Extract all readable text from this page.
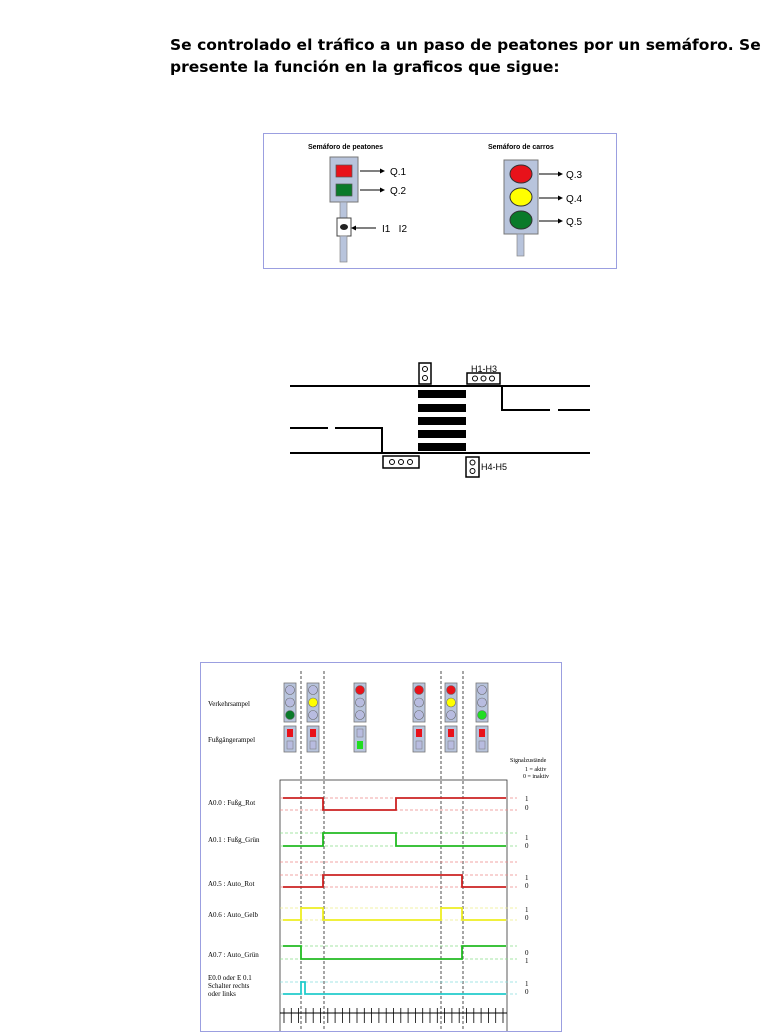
Se controlado el tráfico a un paso de peatones por un semáforo. Se
presente la función en la graficos que sigue:
Semáforo de peatones	Semáforo de carros
Q.1
Q.2
I1   I2
Q.3
Q.4
Q.5
H1-H3
H4-H5
Verkehrsampel
Fußgängerampel
Signalzustände
1 = aktiv
0 = inaktiv
A0.0 : Fußg_Rot	1
0
A0.1 : Fußg_Grün	1
0
A0.5 : Auto_Rot
1
0
A0.6 : Auto_Gelb
1
0
A0.7 : Auto_Grün	0
1
E0.0 oder E 0.1
Schalter rechts
oder links
1
0
